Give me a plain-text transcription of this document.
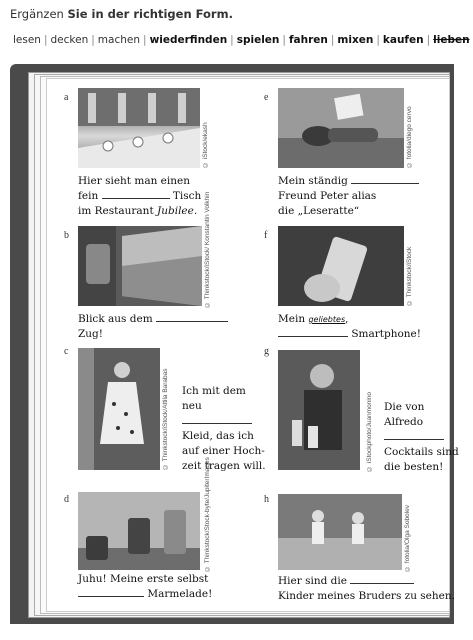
Ergänzen Sie in der richtigen Form.
lesen | decken | machen | wiederfinden | spielen | fahren | mixen | kaufen | lieben
a
© iStock/ekash
Hier sieht man einen
fein	Tisch
im Restaurant Jubilee.
e
© fotolia/diego cervo
Mein ständig
Freund Peter alias
die „Leseratte“
b	© Thinkstock/iStock/ Konstantin Volkhin
Blick aus dem
Zug!
f
© Thinkstock/iStock
Mein geliebtes,
Smartphone!
c
© Thinkstock/iStock/Attila Barabas Ich mit dem
neu
Kleid, das ich
auf einer Hoch-
zeit tragen will.
g
© iStockphoto/Juanmonino Die von
Alfredo
Cocktails sind
die besten!
d	© Thinkstock/Stock-byte/JupiterImages
Juhu! Meine erste selbst
Marmelade!
h
© fotolia/Olga Sobolev
Hier sind die
Kinder meines Bruders zu sehen.
